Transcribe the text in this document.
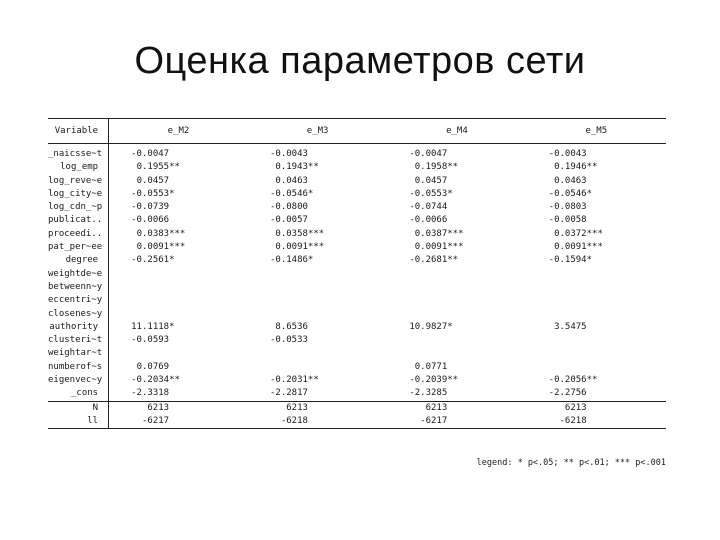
Оценка параметров сети
Variable	e_M2	e_M3	e_M4	e_M5
_naicsse~t	-0.0047	-0.0043	-0.0047	-0.0043
log_emp	0.1955**	0.1943**	0.1958**	0.1946**
log_reve~e	0.0457	0.0463	0.0457	0.0463
log_city~e	-0.0553*	-0.0546*	-0.0553*	-0.0546*
log_cdn_~p	-0.0739	-0.0800	-0.0744	-0.0803
publicat..	-0.0066	-0.0057	-0.0066	-0.0058
proceedi..	0.0383***	0.0358***	0.0387***	0.0372***
pat_per~ee	0.0091***	0.0091***	0.0091***	0.0091***
degree	-0.2561*	-0.1486*	-0.2681**	-0.1594*
weightde~e				
betweenn~y				
eccentri~y				
closenes~y				
authority	11.1118*	8.6536	10.9827*	3.5475
clusteri~t	-0.0593	-0.0533		
weightar~t				
numberof~s	0.0769		0.0771	
eigenvec~y	-0.2034**	-0.2031**	-0.2039**	-0.2056**
_cons	-2.3318	-2.2817	-2.3285	-2.2756
N	6213	6213	6213	6213
ll	-6217	-6218	-6217	-6218
legend: * p<.05; ** p<.01; *** p<.001
